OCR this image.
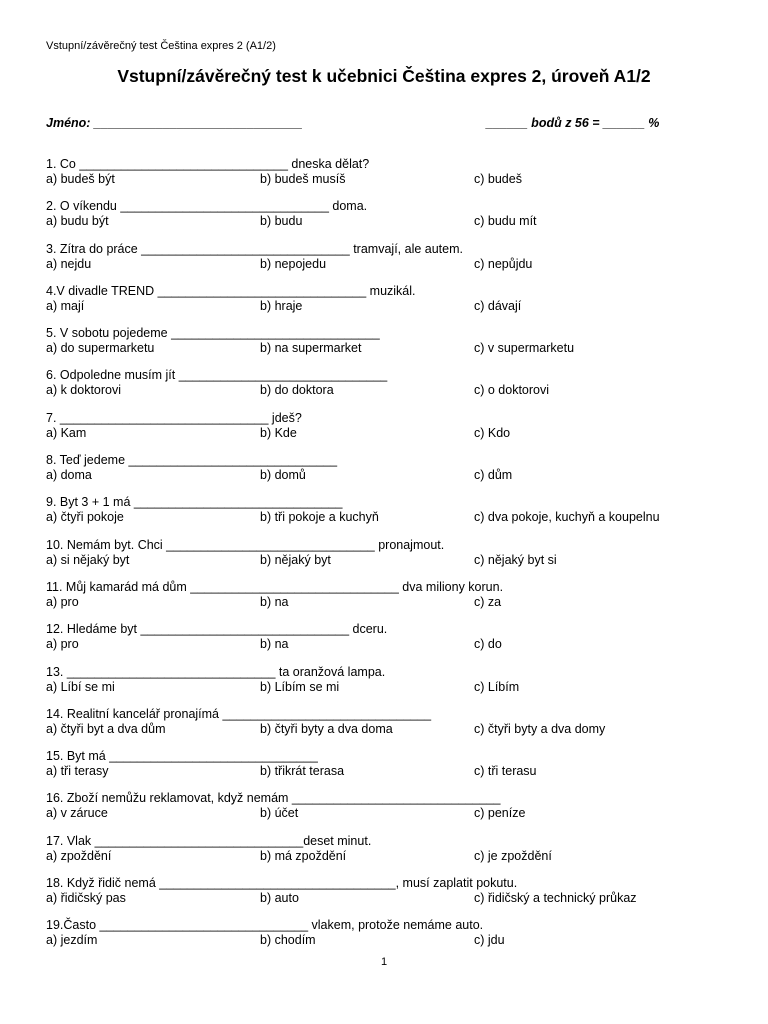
Vstupní/závěrečný test Čeština expres 2 (A1/2)
Vstupní/závěrečný test k učebnici Čeština expres 2, úroveň A1/2
Jméno: ______________________________	______ bodů z 56 = ______ %
1. Co ______________________________ dneska dělat?
a) budeš být	b) budeš musíš	c) budeš
2. O víkendu ______________________________ doma.
a) budu být	b) budu	c) budu mít
3. Zítra do práce ______________________________ tramvají, ale autem.
a) nejdu	b) nepojedu	c) nepůjdu
4.V divadle TREND ______________________________ muzikál.
a) mají	b) hraje	c) dávají
5. V sobotu pojedeme ______________________________
a) do supermarketu	b) na supermarket	c) v supermarketu
6. Odpoledne musím jít ______________________________
a) k doktorovi	b) do doktora	c) o doktorovi
7. ______________________________ jdeš?
a) Kam	b) Kde	c) Kdo
8. Teď jedeme ______________________________
a) doma	b) domů	c) dům
9. Byt 3 + 1 má ______________________________
a) čtyři pokoje	b) tři pokoje a kuchyň	c) dva pokoje, kuchyň a koupelnu
10. Nemám byt. Chci ______________________________ pronajmout.
a) si nějaký byt	b) nějaký byt	c) nějaký byt si
11. Můj kamarád má dům ______________________________ dva miliony korun.
a) pro	b) na	c) za
12. Hledáme byt ______________________________ dceru.
a) pro	b) na	c) do
13. ______________________________ ta oranžová lampa.
a) Líbí se mi	b) Líbím se mi	c) Líbím
14. Realitní kancelář pronajímá ______________________________
a) čtyři byt a dva dům	b) čtyři byty a dva doma	c) čtyři byty a dva domy
15. Byt má ______________________________
a) tři terasy	b) třikrát terasa	c) tři terasu
16. Zboží nemůžu reklamovat, když nemám ______________________________
a) v záruce	b) účet	c) peníze
17. Vlak ______________________________deset minut.
a) zpoždění	b) má zpoždění	c) je zpoždění
18. Když řidič nemá __________________________________, musí zaplatit pokutu.
a) řidičský pas	b) auto	c) řidičský a technický průkaz
19.Často ______________________________ vlakem, protože nemáme auto.
a) jezdím	b) chodím	c) jdu
1
